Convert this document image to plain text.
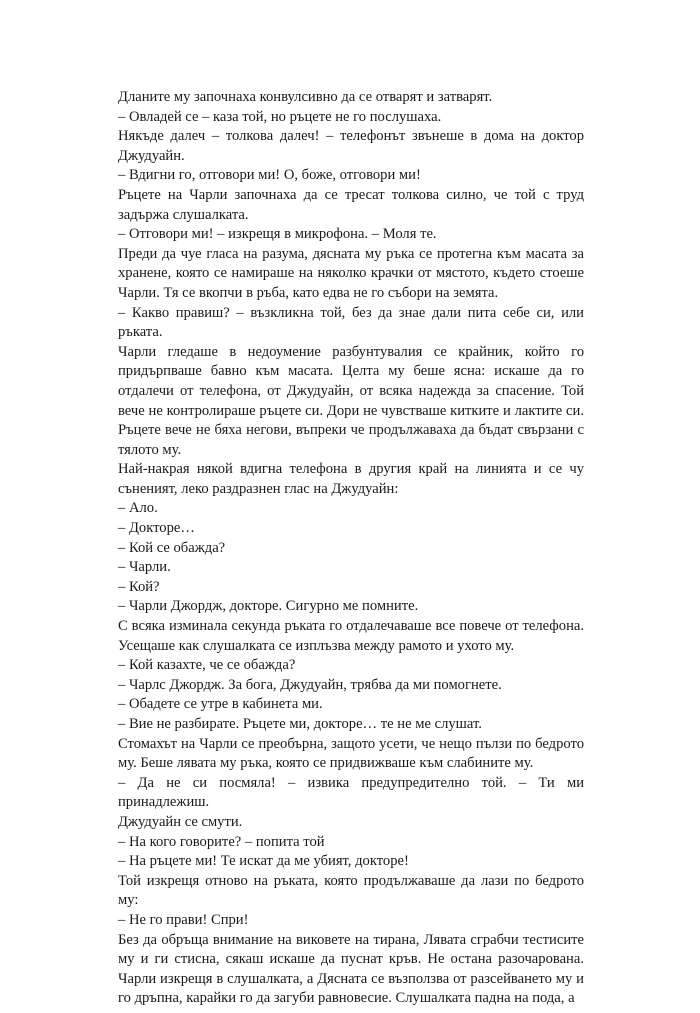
Дланите му започнаха конвулсивно да се отварят и затварят.

– Овладей се – каза той, но ръцете не го послушаха.

Някъде далеч – толкова далеч! – телефонът звънеше в дома на доктор Джудуайн.

– Вдигни го, отговори ми! О, боже, отговори ми!

Ръцете на Чарли започнаха да се тресат толкова силно, че той с труд задържа слушалката.

– Отговори ми! – изкрещя в микрофона. – Моля те.

Преди да чуе гласа на разума, дясната му ръка се протегна към масата за хранене, която се намираше на няколко крачки от мястото, където стоеше Чарли. Тя се вкопчи в ръба, като едва не го събори на земята.

– Какво правиш? – възкликна той, без да знае дали пита себе си, или ръката.

Чарли гледаше в недоумение разбунтувалия се крайник, който го придърпваше бавно към масата. Целта му беше ясна: искаше да го отдалечи от телефона, от Джудуайн, от всяка надежда за спасение. Той вече не контролираше ръцете си. Дори не чувстваше китките и лактите си. Ръцете вече не бяха негови, въпреки че продължаваха да бъдат свързани с тялото му.

Най-накрая някой вдигна телефона в другия край на линията и се чу сънeният, леко раздразнен глас на Джудуайн:

– Ало.

– Докторе…

– Кой се обажда?

– Чарли.

– Кой?

– Чарли Джордж, докторе. Сигурно ме помните.

С всяка изминала секунда ръката го отдалечаваше все повече от телефона. Усещаше как слушалката се изплъзва между рамото и ухото му.

– Кой казахте, че се обажда?

– Чарлс Джордж. За бога, Джудуайн, трябва да ми помогнете.

– Обадете се утре в кабинета ми.

– Вие не разбирате. Ръцете ми, докторе… те не ме слушат.

Стомахът на Чарли се преобърна, защото усети, че нещо пълзи по бедрото му. Беше лявата му ръка, която се придвижваше към слабините му.

– Да не си посмяла! – извика предупредително той. – Ти ми принадлежиш.

Джудуайн се смути.

– На кого говорите? – попита той

– На ръцете ми! Те искат да ме убият, докторе!

Той изкрещя отново на ръката, която продължаваше да лази по бедрото му:

– Не го прави! Спри!

Без да обръща внимание на виковете на тирана, Лявата сграбчи тестисите му и ги стисна, сякаш искаше да пуснат кръв. Не остана разочарована. Чарли изкрещя в слушалката, а Дясната се възползва от разсейването му и го дръпна, карайки го да загуби равновесие. Слушалката падна на пода, а
